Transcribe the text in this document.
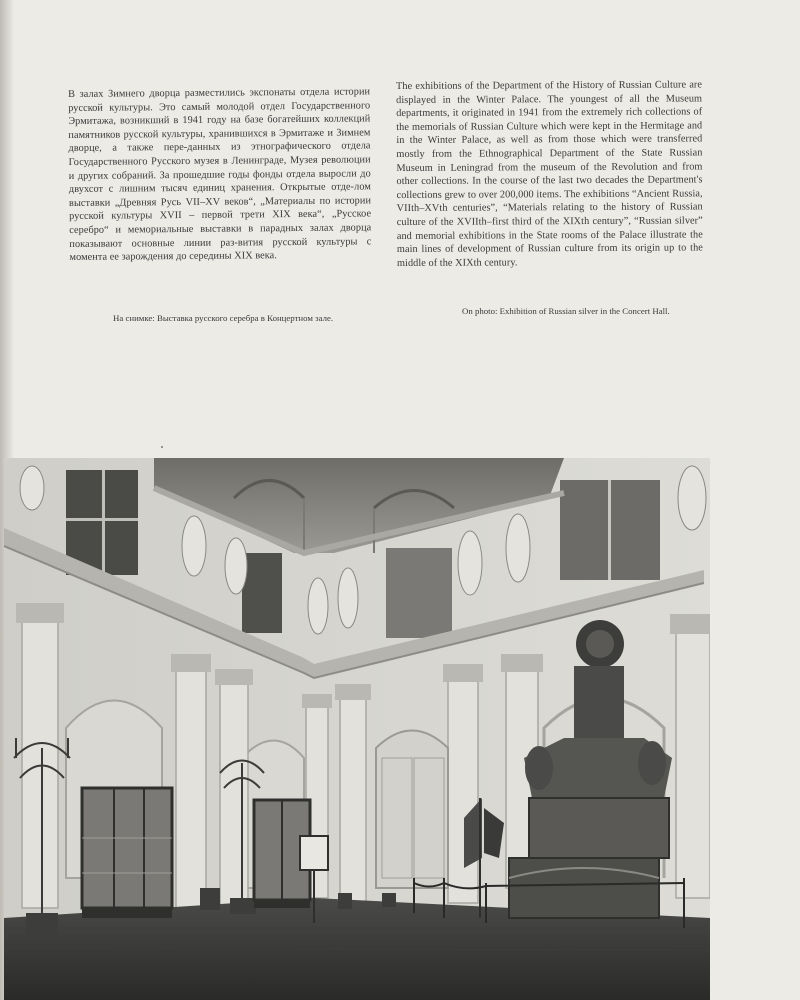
В залах Зимнего дворца разместились экспонаты отдела истории русской культуры. Это самый молодой отдел Государственного Эрмитажа, возникший в 1941 году на базе богатейших коллекций памятников русской культуры, хранившихся в Эрмитаже и Зимнем дворце, а также пере-данных из этнографического отдела Государственного Русского музея в Ленинграде, Музея революции и других собраний. За прошедшие годы фонды отдела выросли до двухсот с лишним тысяч единиц хранения. Открытые отде-лом выставки „Древняя Русь VII–XV веков“, „Материалы по истории русской культуры XVII – первой трети XIX века“, „Русское серебро“ и мемориальные выставки в парадных залах дворца показывают основные линии раз-вития русской культуры с момента ее зарождения до середины XIX века.
The exhibitions of the Department of the History of Russian Culture are displayed in the Winter Palace. The youngest of all the Museum departments, it originated in 1941 from the extremely rich collections of the memorials of Russian Culture which were kept in the Hermitage and in the Winter Palace, as well as from those which were transferred mostly from the Ethnographical Department of the State Russian Museum in Leningrad from the museum of the Revolution and from other collections. In the course of the last two decades the Department's collections grew to over 200,000 items. The exhibitions “Ancient Russia, VIIth–XVth centuries”, “Materials relating to the history of Russian culture of the XVIIth–first third of the XIXth century”, “Russian silver” and memorial exhibitions in the State rooms of the Palace illustrate the main lines of development of Russian culture from its origin up to the middle of the XIXth century.
На снимке: Выставка русского серебра в Концертном зале.
On photo: Exhibition of Russian silver in the Concert Hall.
